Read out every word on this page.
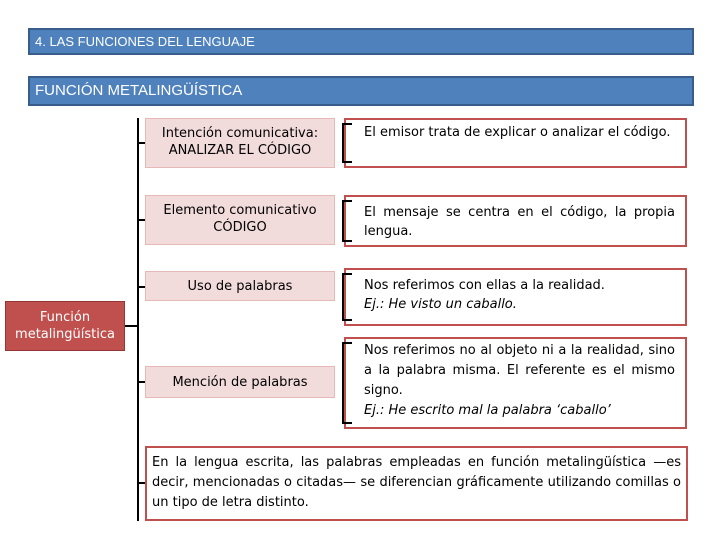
4. LAS FUNCIONES DEL LENGUAJE
FUNCIÓN METALINGÜÍSTICA
Función metalingüística
Intención comunicativa: ANALIZAR EL CÓDIGO
El emisor trata de explicar o analizar el código.
Elemento comunicativo CÓDIGO
El mensaje se centra en el código, la propia lengua.
Uso de palabras	Nos referimos con ellas a la realidad.
Ej.: He visto un caballo.
Mención de palabras
Nos referimos no al objeto ni a la realidad, sino a la palabra misma. El referente es el mismo signo.
Ej.: He escrito mal la palabra ‘caballo’
En la lengua escrita, las palabras empleadas en función metalingüística —es decir, mencionadas o citadas— se diferencian gráficamente utilizando comillas o un tipo de letra distinto.
